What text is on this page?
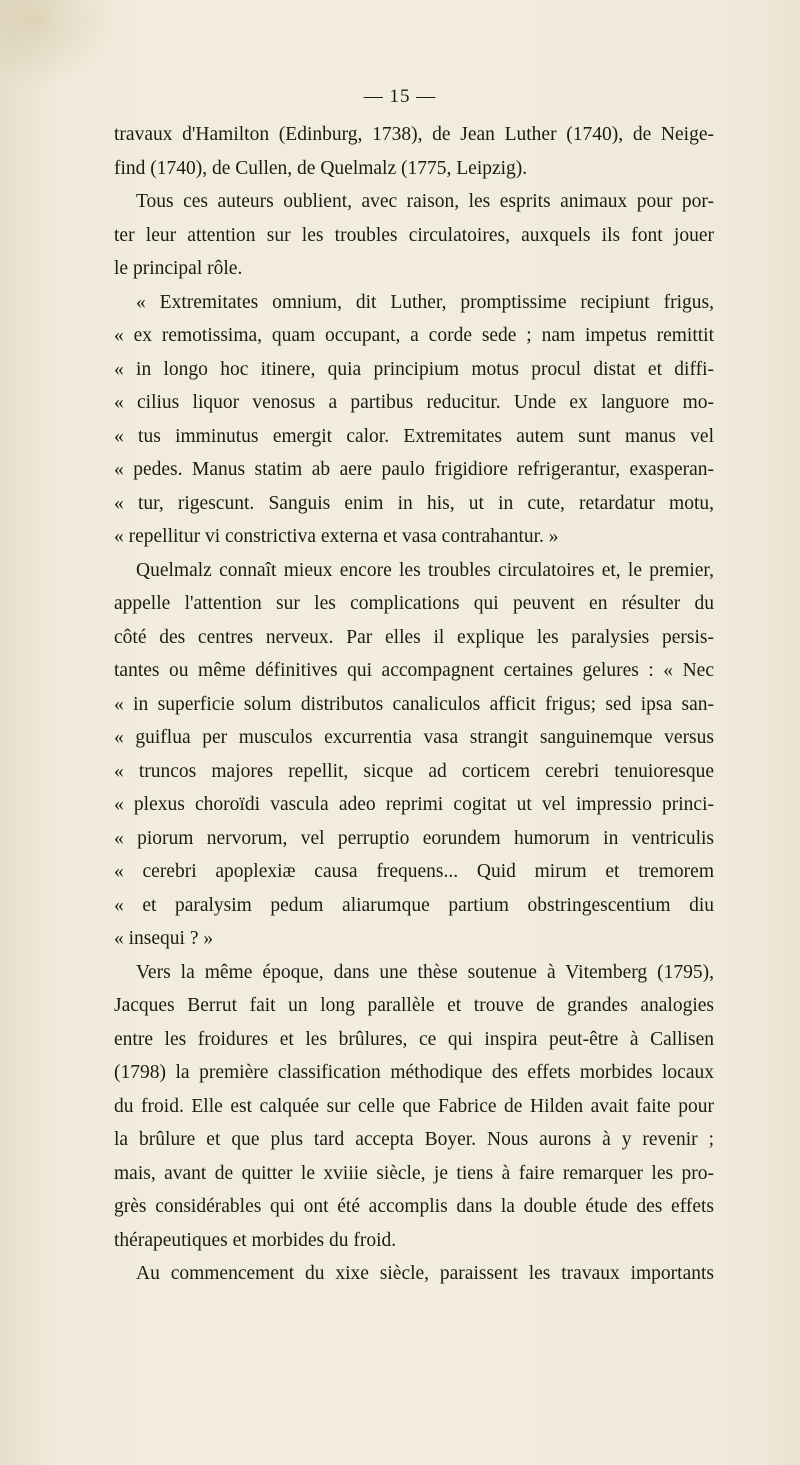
— 15 —
travaux d'Hamilton (Edinburg, 1738), de Jean Luther (1740), de Neige-
find (1740), de Cullen, de Quelmalz (1775, Leipzig).
Tous ces auteurs oublient, avec raison, les esprits animaux pour por-
ter leur attention sur les troubles circulatoires, auxquels ils font jouer
le principal rôle.
« Extremitates omnium, dit Luther, promptissime recipiunt frigus,
« ex remotissima, quam occupant, a corde sede ; nam impetus remittit
« in longo hoc itinere, quia principium motus procul distat et diffi-
« cilius liquor venosus a partibus reducitur. Unde ex languore mo-
« tus imminutus emergit calor. Extremitates autem sunt manus vel
« pedes. Manus statim ab aere paulo frigidiore refrigerantur, exasperan-
« tur, rigescunt. Sanguis enim in his, ut in cute, retardatur motu,
« repellitur vi constrictiva externa et vasa contrahantur. »
Quelmalz connaît mieux encore les troubles circulatoires et, le premier,
appelle l'attention sur les complications qui peuvent en résulter du
côté des centres nerveux. Par elles il explique les paralysies persis-
tantes ou même définitives qui accompagnent certaines gelures : « Nec
« in superficie solum distributos canaliculos afficit frigus; sed ipsa san-
« guiflua per musculos excurrentia vasa strangit sanguinemque versus
« truncos majores repellit, sicque ad corticem cerebri tenuioresque
« plexus choroïdi vascula adeo reprimi cogitat ut vel impressio princi-
« piorum nervorum, vel perruptio eorundem humorum in ventriculis
« cerebri apoplexiæ causa frequens... Quid mirum et tremorem
« et paralysim pedum aliarumque partium obstringescentium diu
« insequi ? »
Vers la même époque, dans une thèse soutenue à Vitemberg (1795),
Jacques Berrut fait un long parallèle et trouve de grandes analogies
entre les froidures et les brûlures, ce qui inspira peut-être à Callisen
(1798) la première classification méthodique des effets morbides locaux
du froid. Elle est calquée sur celle que Fabrice de Hilden avait faite pour
la brûlure et que plus tard accepta Boyer. Nous aurons à y revenir ;
mais, avant de quitter le xviiie siècle, je tiens à faire remarquer les pro-
grès considérables qui ont été accomplis dans la double étude des effets
thérapeutiques et morbides du froid.
Au commencement du xixe siècle, paraissent les travaux importants
